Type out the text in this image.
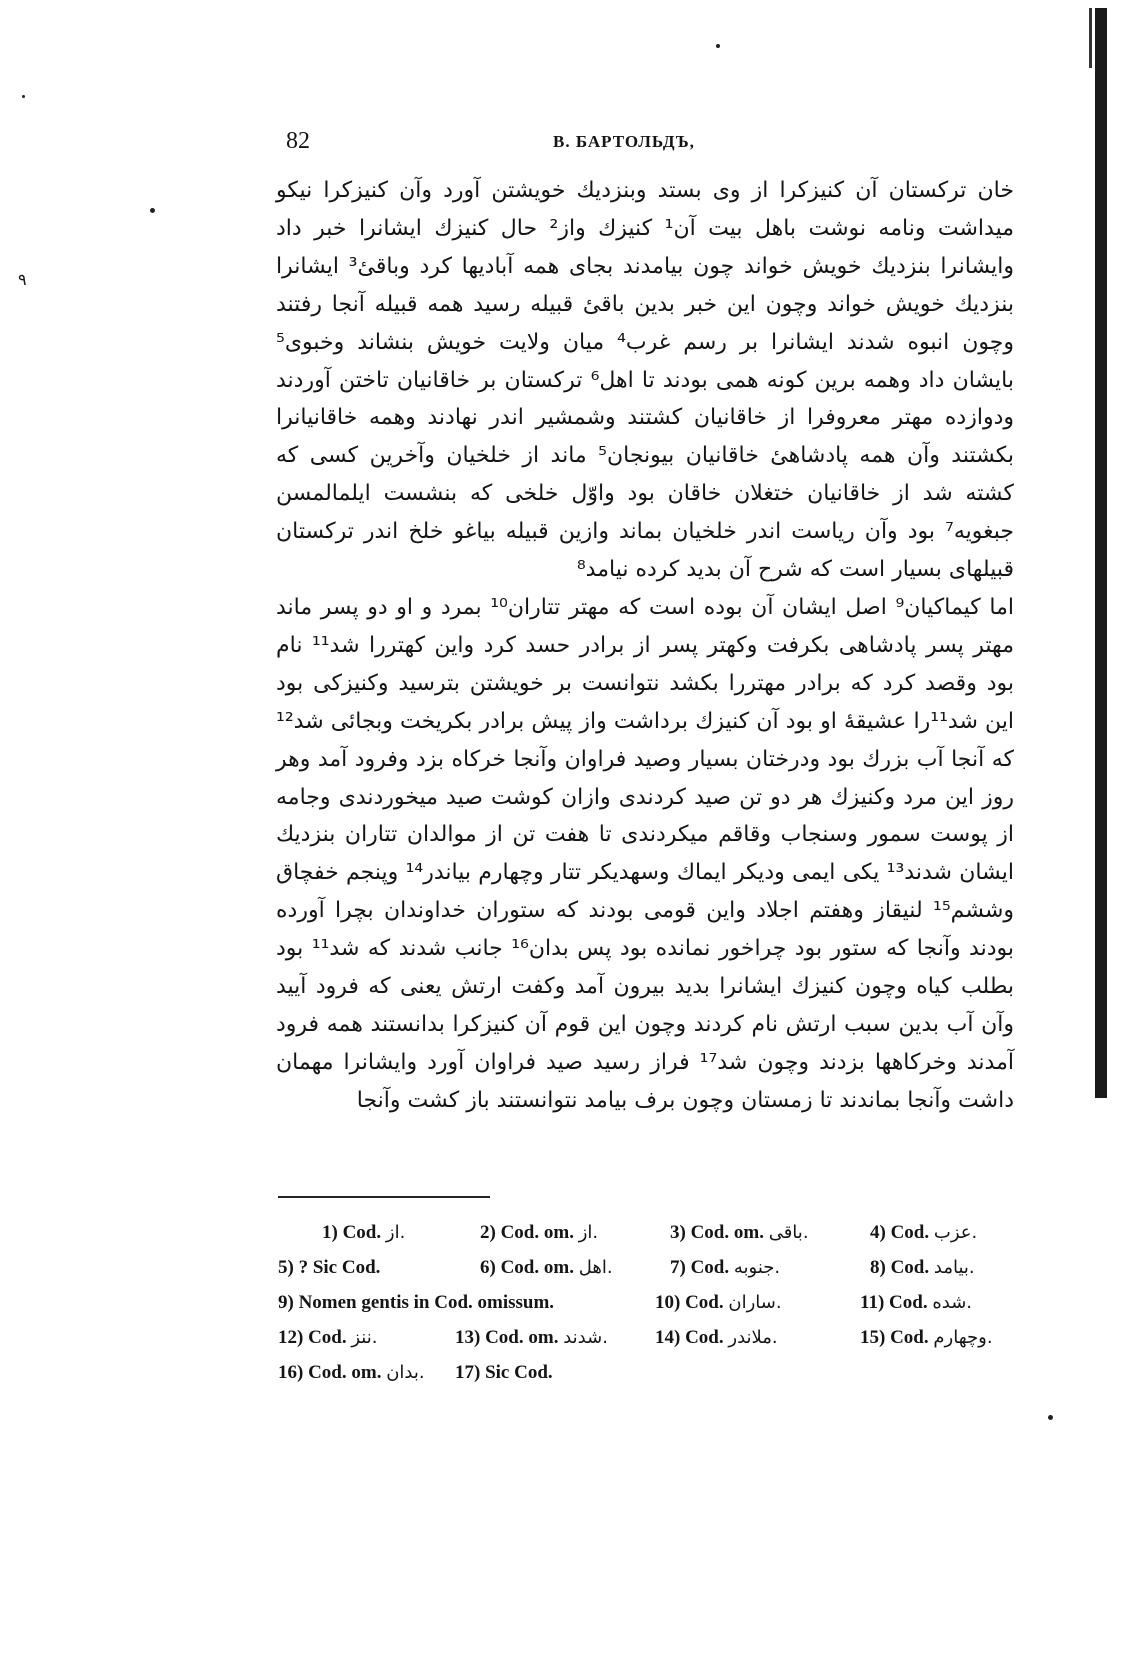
۹
82	В. БАРТОЛЬДЪ,

خان ترکستان آن کنیزکرا از وی بستد وبنزدیك خویشتن آورد وآن کنیزکرا نیکو میداشت ونامه نوشت باهل بیت آن¹ کنیزك واز² حال کنیزك ایشانرا خبر داد وایشانرا بنزدیك خویش خواند چون بیامدند بجای همه آبادیها کرد وباقیٔ³ ایشانرا بنزدیك خویش خواند وچون این خبر بدین باقیٔ قبیله رسید همه قبیله آنجا رفتند وچون انبوه شدند ایشانرا بر رسم غرب⁴ میان ولایت خویش بنشاند وخبوی⁵ بایشان داد وهمه برین کونه همی بودند تا اهل⁶ ترکستان بر خاقانیان تاختن آوردند ودوازده مهتر معروفرا از خاقانیان کشتند وشمشیر اندر نهادند وهمه خاقانیانرا بکشتند وآن همه پادشاهیٔ خاقانیان بیونجان⁵ ماند از خلخیان وآخرین کسی که کشته شد از خاقانیان ختغلان خاقان بود واوّل خلخی که بنشست ایلمالمسن جبغویه⁷ بود وآن ریاست اندر خلخیان بماند وازین قبیله بیاغو خلخ اندر ترکستان قبیلهای بسیار است که شرح آن بدید کرده نیامد⁸

اما کیماکیان⁹ اصل ایشان آن بوده است که مهتر تتاران¹⁰ بمرد و او دو پسر ماند مهتر پسر پادشاهی بکرفت وکهتر پسر از برادر حسد کرد واین کهتررا شد¹¹ نام بود وقصد کرد که برادر مهتررا بکشد نتوانست بر خویشتن بترسید وکنیزکی بود این شد¹¹را عشیقهٔ او بود آن کنیزك برداشت واز پیش برادر بکریخت وبجائی شد¹² که آنجا آب بزرك بود ودرختان بسیار وصید فراوان وآنجا خرکاه بزد وفرود آمد وهر روز این مرد وکنیزك هر دو تن صید کردندی وازان کوشت صید میخوردندی وجامه از پوست سمور وسنجاب وقاقم میکردندی تا هفت تن از موالدان تتاران بنزدیك ایشان شدند¹³ یکی ایمی ودیکر ایماك وسهدیکر تتار وچهارم بیاندر¹⁴ وپنجم خفچاق وششم¹⁵ لنیقاز وهفتم اجلاد واین قومی بودند که ستوران خداوندان بچرا آورده بودند وآنجا که ستور بود چراخور نمانده بود پس بدان¹⁶ جانب شدند که شد¹¹ بود بطلب کیاه وچون کنیزك ایشانرا بدید بیرون آمد وکفت ارتش یعنی که فرود آیید وآن آب بدین سبب ارتش نام کردند وچون این قوم آن کنیزکرا بدانستند همه فرود آمدند وخرکاهها بزدند وچون شد¹⁷ فراز رسید صید فراوان آورد وایشانرا مهمان داشت وآنجا بماندند تا زمستان وچون برف بیامد نتوانستند باز کشت وآنجا

1) Cod. از.	2) Cod. om. از.	3) Cod. om. باقی.	4) Cod. عزب.
5) ? Sic Cod.	6) Cod. om. اهل.	7) Cod. جنوبه.	8) Cod. بیامد.
9) Nomen gentis in Cod. omissum.	10) Cod. ساران.	11) Cod. شده.
12) Cod. ننز.	13) Cod. om. شدند. 14) Cod. ملاندر.	15) Cod. وچهارم.
16) Cod. om. بدان. 17) Sic Cod.
